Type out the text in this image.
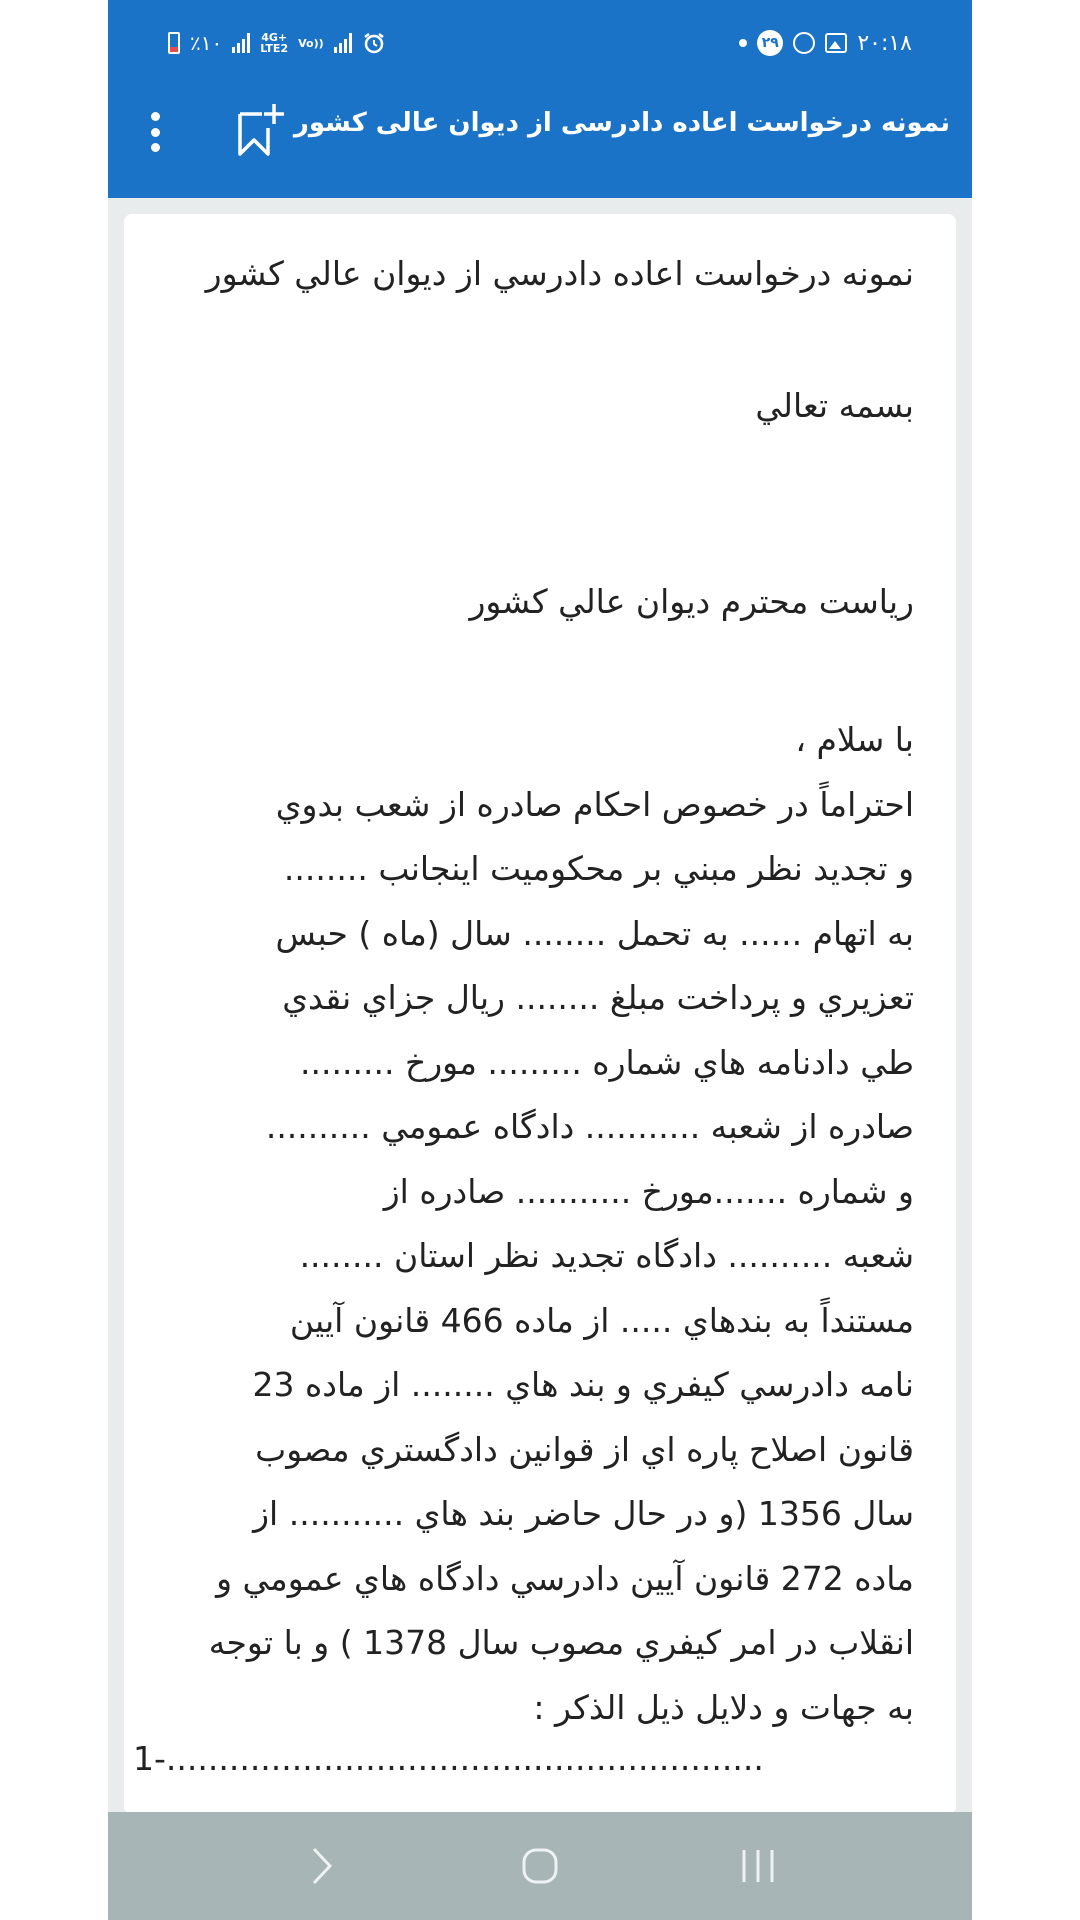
٪۱۰	4G+
LTE2 Vo))	۲۹	۲۰:۱۸
نمونه درخواست اعاده دادرسی از دیوان عالی کشور

نمونه درخواست اعاده دادرسي از ديوان عالي كشور

بسمه تعالي

رياست محترم ديوان عالي كشور

با سلام ،

احتراماً در خصوص احكام صادره از شعب بدوي

و تجديد نظر مبني بر محكوميت اينجانب ........

به اتهام ...... به تحمل ........ سال (ماه ) حبس

تعزيري و پرداخت مبلغ ........ ريال جزاي نقدي

طي دادنامه هاي شماره ......... مورخ .........

صادره از شعبه ........... دادگاه عمومي ..........

و شماره .......مورخ ........... صادره از

شعبه .......... دادگاه تجديد نظر استان ........

مستنداً به بندهاي ..... از ماده 466 قانون آيين

نامه دادرسي كيفري و بند هاي ........ از ماده 23

قانون اصلاح پاره اي از قوانين دادگستري مصوب

سال 1356 (و در حال حاضر بند هاي ........... از

ماده 272 قانون آيين دادرسي دادگاه هاي عمومي و

انقلاب در امر كيفري مصوب سال 1378 ) و با توجه

به جهات و دلايل ذيل الذكر :

1-.........................................................
